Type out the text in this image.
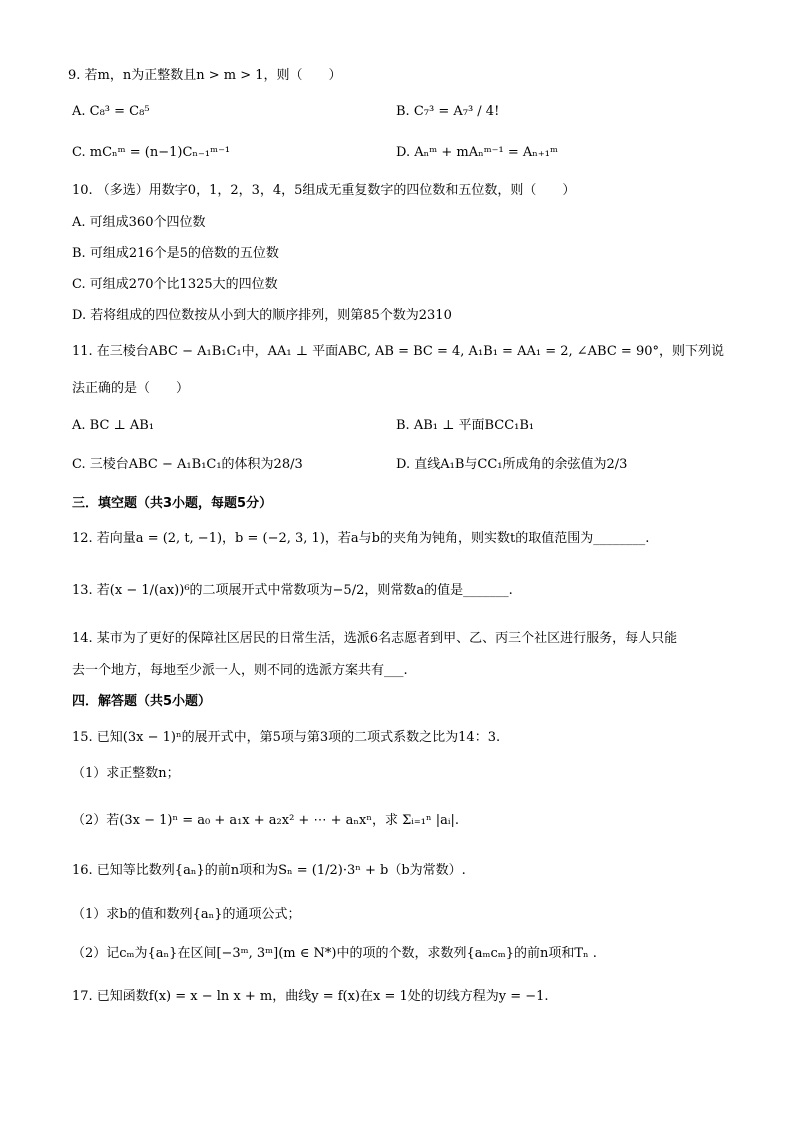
9. 若m，n为正整数且n > m > 1，则（　　）
A. C₈³ = C₈⁵	B. C₇³ = A₇³ / 4!
C. mCₙᵐ = (n−1)Cₙ₋₁ᵐ⁻¹	D. Aₙᵐ + mAₙᵐ⁻¹ = Aₙ₊₁ᵐ
10. （多选）用数字0，1，2，3，4，5组成无重复数字的四位数和五位数，则（　　）
A. 可组成360个四位数
B. 可组成216个是5的倍数的五位数
C. 可组成270个比1325大的四位数
D. 若将组成的四位数按从小到大的顺序排列，则第85个数为2310
11. 在三棱台ABC − A₁B₁C₁中，AA₁ ⊥ 平面ABC, AB = BC = 4, A₁B₁ = AA₁ = 2, ∠ABC = 90°，则下列说
法正确的是（　　）
A. BC ⊥ AB₁	B. AB₁ ⊥ 平面BCC₁B₁
C. 三棱台ABC − A₁B₁C₁的体积为28/3	D. 直线A₁B与CC₁所成角的余弦值为2/3
三．填空题（共3小题，每题5分）
12. 若向量a = (2, t, −1)，b = (−2, 3, 1)，若a与b的夹角为钝角，则实数t的取值范围为________.
13. 若(x − 1/(ax))⁶的二项展开式中常数项为−5/2，则常数a的值是_______.
14. 某市为了更好的保障社区居民的日常生活，选派6名志愿者到甲、乙、丙三个社区进行服务，每人只能
去一个地方，每地至少派一人，则不同的选派方案共有___.
四．解答题（共5小题）
15. 已知(3x − 1)ⁿ的展开式中，第5项与第3项的二项式系数之比为14：3.
（1）求正整数n；
（2）若(3x − 1)ⁿ = a₀ + a₁x + a₂x² + ⋯ + aₙxⁿ，求 Σᵢ₌₁ⁿ |aᵢ|.
16. 已知等比数列{aₙ}的前n项和为Sₙ = (1/2)·3ⁿ + b（b为常数）.
（1）求b的值和数列{aₙ}的通项公式；
（2）记cₘ为{aₙ}在区间[−3ᵐ, 3ᵐ](m ∈ N*)中的项的个数，求数列{aₘcₘ}的前n项和Tₙ .
17. 已知函数f(x) = x − ln x + m，曲线y = f(x)在x = 1处的切线方程为y = −1.
